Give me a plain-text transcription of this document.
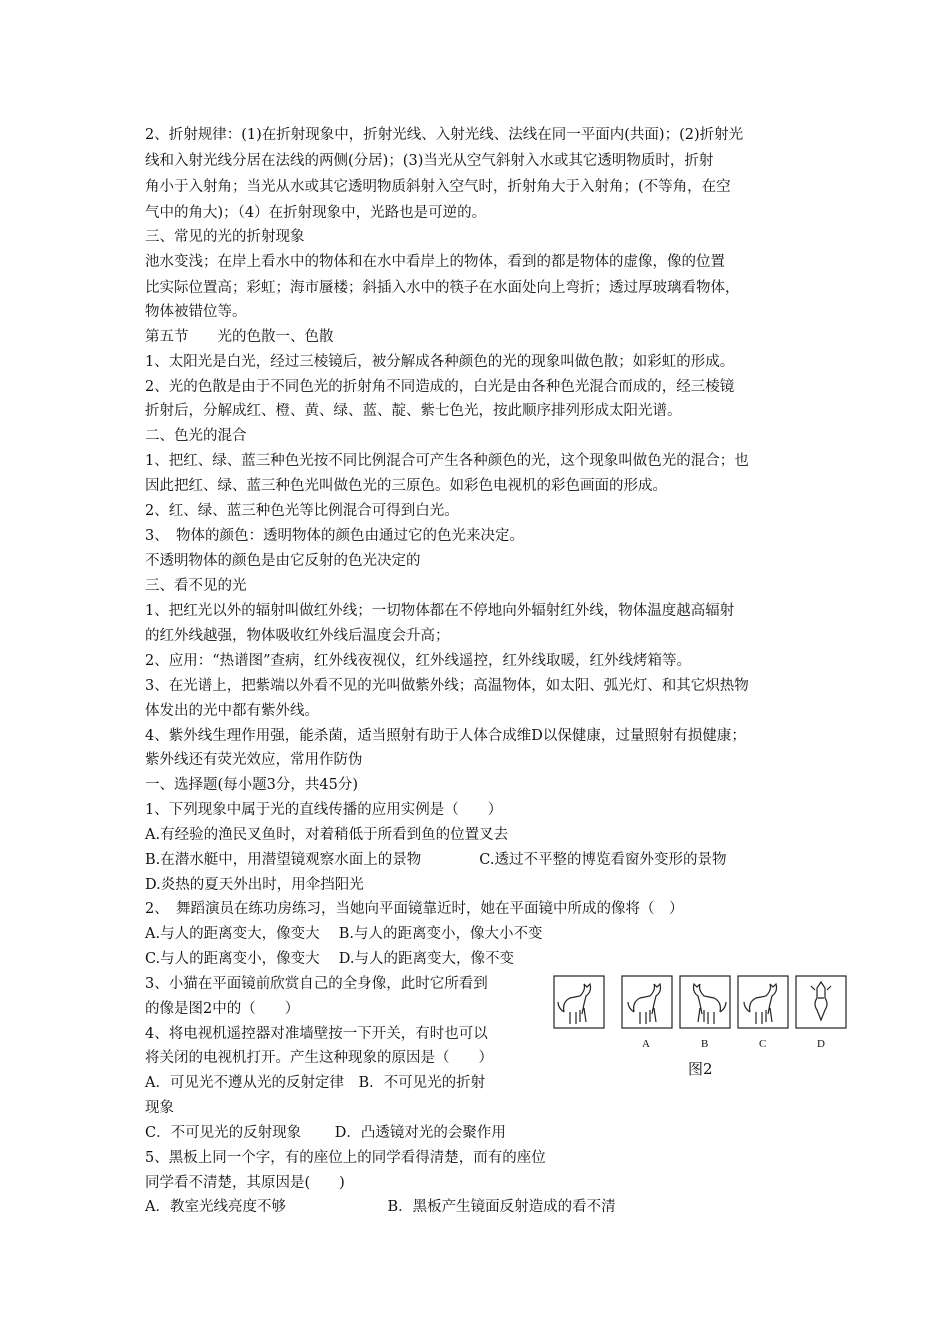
2、折射规律：(1)在折射现象中，折射光线、入射光线、法线在同一平面内(共面)；(2)折射光
线和入射光线分居在法线的两侧(分居)；(3)当光从空气斜射入水或其它透明物质时，折射
角小于入射角；当光从水或其它透明物质斜射入空气时，折射角大于入射角；(不等角，在空
气中的角大)；（4）在折射现象中，光路也是可逆的。
三、常见的光的折射现象
池水变浅；在岸上看水中的物体和在水中看岸上的物体，看到的都是物体的虚像，像的位置
比实际位置高；彩虹；海市蜃楼；斜插入水中的筷子在水面处向上弯折；透过厚玻璃看物体，
物体被错位等。
第五节　　光的色散一、色散
1、太阳光是白光，经过三棱镜后，被分解成各种颜色的光的现象叫做色散；如彩虹的形成。
2、光的色散是由于不同色光的折射角不同造成的，白光是由各种色光混合而成的，经三棱镜
折射后，分解成红、橙、黄、绿、蓝、靛、紫七色光，按此顺序排列形成太阳光谱。
二、色光的混合
1、把红、绿、蓝三种色光按不同比例混合可产生各种颜色的光，这个现象叫做色光的混合；也
因此把红、绿、蓝三种色光叫做色光的三原色。如彩色电视机的彩色画面的形成。
2、红、绿、蓝三种色光等比例混合可得到白光。
3、　物体的颜色：透明物体的颜色由通过它的色光来决定。
不透明物体的颜色是由它反射的色光决定的
三、看不见的光
1、把红光以外的辐射叫做红外线；一切物体都在不停地向外辐射红外线，物体温度越高辐射
的红外线越强，物体吸收红外线后温度会升高；
2、应用：“热谱图”查病，红外线夜视仪，红外线遥控，红外线取暖，红外线烤箱等。
3、在光谱上，把紫端以外看不见的光叫做紫外线；高温物体，如太阳、弧光灯、和其它炽热物
体发出的光中都有紫外线。
4、紫外线生理作用强，能杀菌，适当照射有助于人体合成维D以保健康，过量照射有损健康；
紫外线还有荧光效应，常用作防伪
一、选择题(每小题3分，共45分)
1、下列现象中属于光的直线传播的应用实例是（　　）
A.有经验的渔民叉鱼时，对着稍低于所看到鱼的位置叉去
B.在潜水艇中，用潜望镜观察水面上的景物　　　　C.透过不平整的博览看窗外变形的景物
D.炎热的夏天外出时，用伞挡阳光
2、　舞蹈演员在练功房练习，当她向平面镜靠近时，她在平面镜中所成的像将（　）
A.与人的距离变大，像变大　 B.与人的距离变小，像大小不变
C.与人的距离变小，像变大　 D.与人的距离变大，像不变
3、小猫在平面镜前欣赏自己的全身像，此时它所看到
的像是图2中的（　　）
4、将电视机遥控器对准墙壁按一下开关，有时也可以
将关闭的电视机打开。产生这种现象的原因是（　　）
A．可见光不遵从光的反射定律　B．不可见光的折射
现象
C．不可见光的反射现象　　 D．凸透镜对光的会聚作用
5、黑板上同一个字，有的座位上的同学看得清楚，而有的座位
同学看不清楚，其原因是(　　)
A．教室光线亮度不够　　　　　　　B．黑板产生镜面反射造成的看不清
A	B	C	D
图2
